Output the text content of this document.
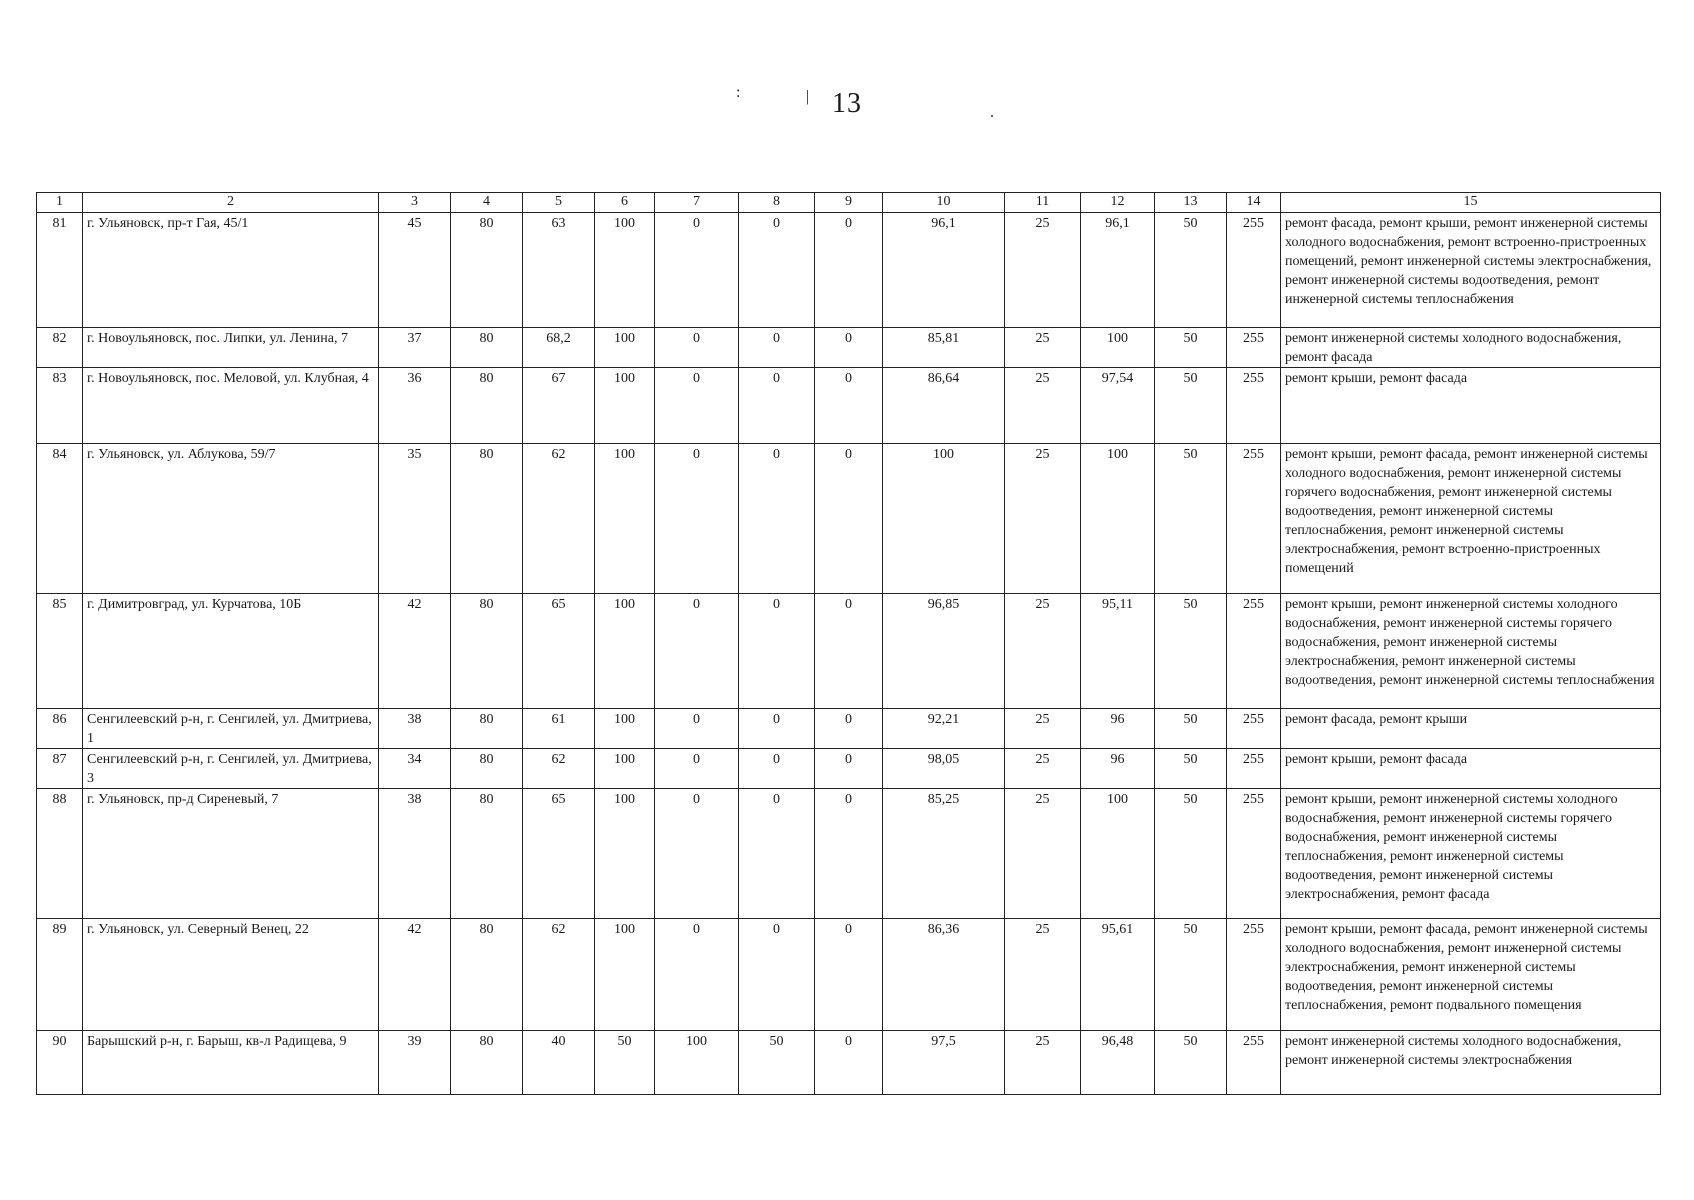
13
:	|
.
1	2	3	4	5	6	7	8	9	10	11	12	13	14	15
81	г. Ульяновск, пр-т Гая, 45/1	45	80	63	100	0	0	0	96,1	25	96,1	50	255	ремонт фасада, ремонт крыши, ремонт инженерной системы холодного водоснабжения, ремонт встроенно-пристроенных помещений, ремонт инженерной системы электроснабжения, ремонт инженерной системы водоотведения, ремонт инженерной системы теплоснабжения
82	г. Новоульяновск, пос. Липки, ул. Ленина, 7	37	80	68,2	100	0	0	0	85,81	25	100	50	255	ремонт инженерной системы холодного водоснабжения, ремонт фасада
83	г. Новоульяновск, пос. Меловой, ул. Клубная, 4	36	80	67	100	0	0	0	86,64	25	97,54	50	255	ремонт крыши, ремонт фасада
84	г. Ульяновск, ул. Аблукова, 59/7	35	80	62	100	0	0	0	100	25	100	50	255	ремонт крыши, ремонт фасада, ремонт инженерной системы холодного водоснабжения, ремонт инженерной системы горячего водоснабжения, ремонт инженерной системы водоотведения, ремонт инженерной системы теплоснабжения, ремонт инженерной системы электроснабжения, ремонт встроенно-пристроенных помещений
85	г. Димитровград, ул. Курчатова, 10Б	42	80	65	100	0	0	0	96,85	25	95,11	50	255	ремонт крыши, ремонт инженерной системы холодного водоснабжения, ремонт инженерной системы горячего водоснабжения, ремонт инженерной системы электроснабжения, ремонт инженерной системы водоотведения, ремонт инженерной системы теплоснабжения
86	Сенгилеевский р-н, г. Сенгилей, ул. Дмитриева, 1	38	80	61	100	0	0	0	92,21	25	96	50	255	ремонт фасада, ремонт крыши
87	Сенгилеевский р-н, г. Сенгилей, ул. Дмитриева, 3	34	80	62	100	0	0	0	98,05	25	96	50	255	ремонт крыши, ремонт фасада
88	г. Ульяновск, пр-д Сиреневый, 7	38	80	65	100	0	0	0	85,25	25	100	50	255	ремонт крыши, ремонт инженерной системы холодного водоснабжения, ремонт инженерной системы горячего водоснабжения, ремонт инженерной системы теплоснабжения, ремонт инженерной системы водоотведения, ремонт инженерной системы электроснабжения, ремонт фасада
89	г. Ульяновск, ул. Северный Венец, 22	42	80	62	100	0	0	0	86,36	25	95,61	50	255	ремонт крыши, ремонт фасада, ремонт инженерной системы холодного водоснабжения, ремонт инженерной системы электроснабжения, ремонт инженерной системы водоотведения, ремонт инженерной системы теплоснабжения, ремонт подвального помещения
90	Барышский р-н, г. Барыш, кв-л Радищева, 9	39	80	40	50	100	50	0	97,5	25	96,48	50	255	ремонт инженерной системы холодного водоснабжения, ремонт инженерной системы электроснабжения
